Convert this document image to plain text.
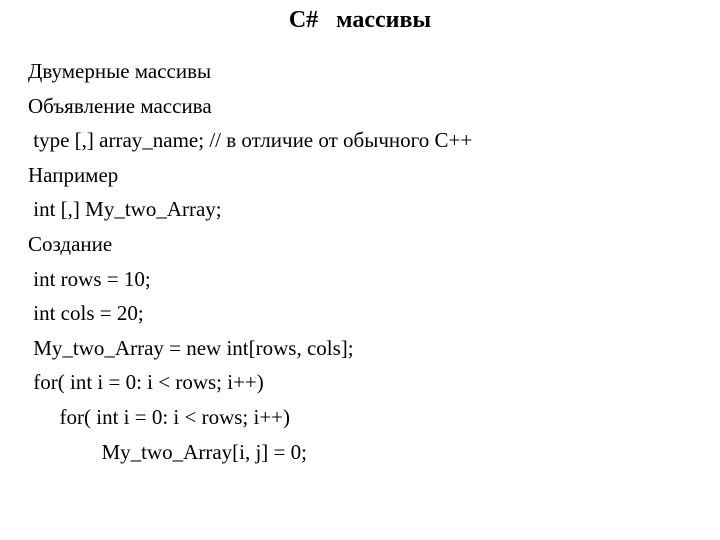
C#   массивы
Двумерные массивы
Объявление массива
type [,] array_name; // в отличие от обычного С++
Например
int [,] My_two_Array;
Создание
int rows = 10;
int cols = 20;
My_two_Array = new int[rows, cols];
for( int i = 0: i < rows; i++)
for( int i = 0: i < rows; i++)
My_two_Array[i, j] = 0;
